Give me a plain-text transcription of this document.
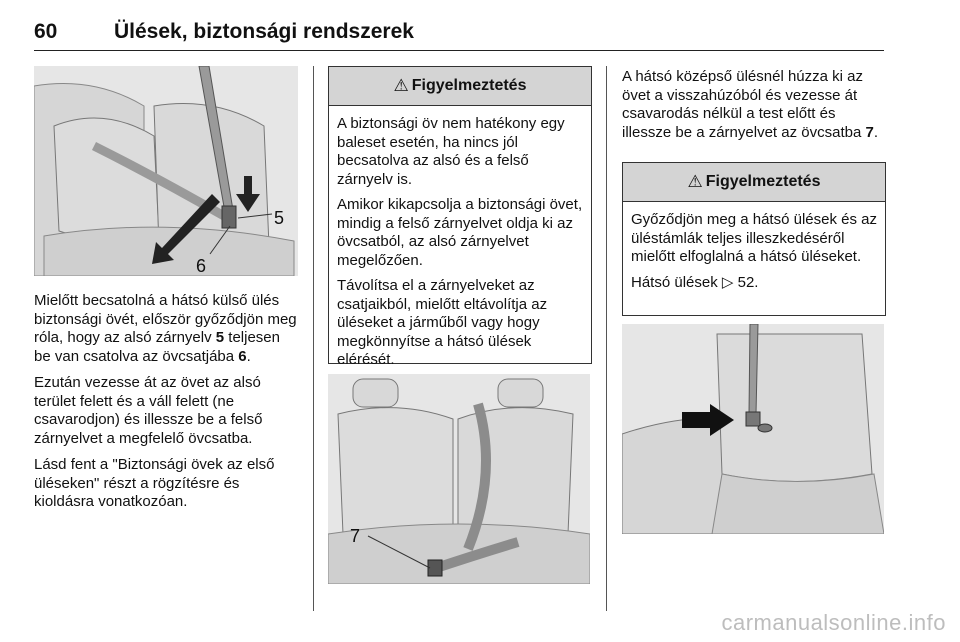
60	Ülések, biztonsági rendszerek
5
6

Mielőtt becsatolná a hátsó külső ülés biztonsági övét, először győződjön meg róla, hogy az alsó zárnyelv 5 teljesen be van csatolva az övcsatjába 6.

Ezután vezesse át az övet az alsó terület felett és a váll felett (ne csavarodjon) és illessze be a felső zárnyelvet a megfelelő övcsatba.

Lásd fent a "Biztonsági övek az első üléseken" részt a rögzítésre és kioldásra vonatkozóan.

⚠ Figyelmeztetés

A biztonsági öv nem hatékony egy baleset esetén, ha nincs jól becsatolva az alsó és a felső zárnyelv is.

Amikor kikapcsolja a biztonsági övet, mindig a felső zárnyelvet oldja ki az övcsatból, az alsó zárnyelvet megelőzően.

Távolítsa el a zárnyelveket az csatjaikból, mielőtt eltávolítja az üléseket a járműből vagy hogy megkönnyítse a hátsó ülések elérését.

7

A hátsó középső ülésnél húzza ki az övet a visszahúzóból és vezesse át csavarodás nélkül a test előtt és illessze be a zárnyelvet az övcsatba 7.

⚠ Figyelmeztetés

Győződjön meg a hátsó ülések és az üléstámlák teljes illeszkedéséről mielőtt elfoglalná a hátsó üléseket.

Hátsó ülések ▷ 52.

carmanualsonline.info
